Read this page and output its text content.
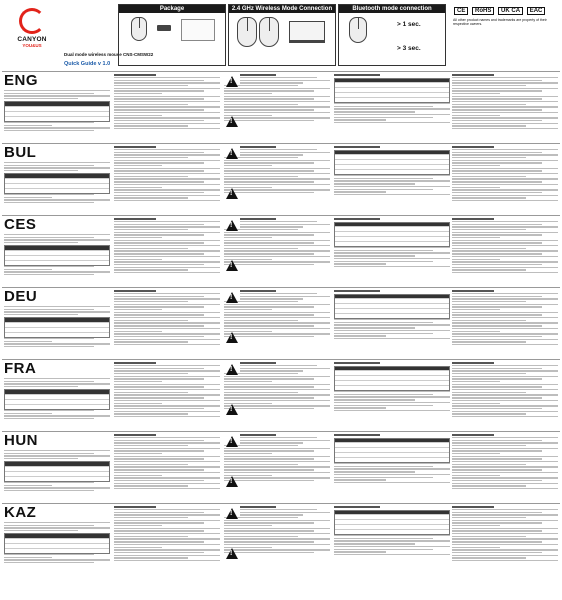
CANYON
YOU&US
Dual mode wireless mouse CNS-CMSW22
Quick Guide v 1.0
Package	2.4 GHz Wireless Mode Connection	Bluetooth mode connection
> 1 sec.
> 3 sec.
CE RoHS UK CA EAC
All other product names and trademarks are property of their respective owners.
ENG
!
!
BUL
!
!
CES
!
!
DEU
!
!
FRA
!
!
HUN
!
!
KAZ
!
!
